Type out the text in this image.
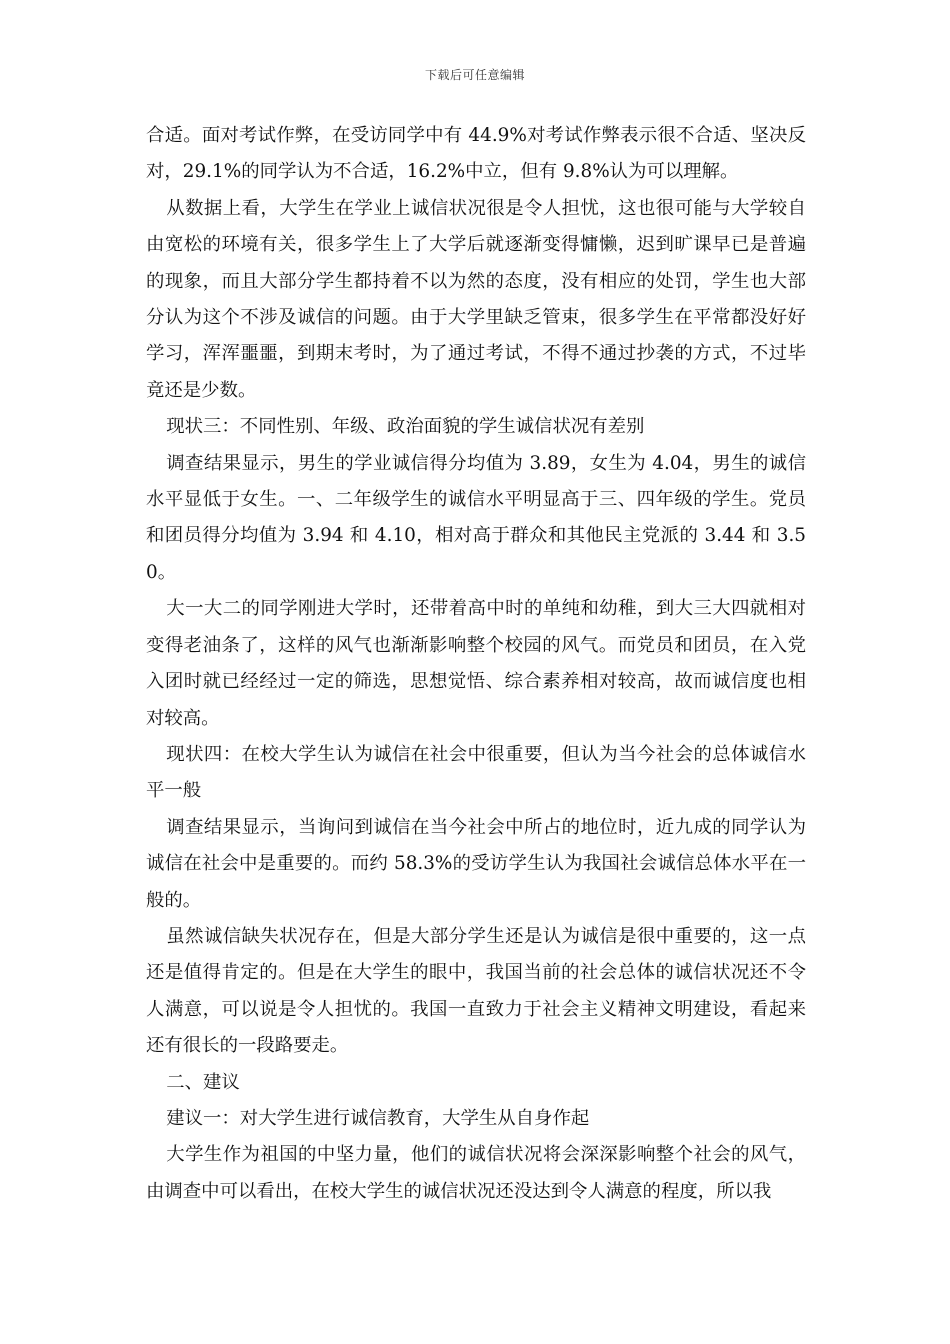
下载后可任意编辑

合适。面对考试作弊，在受访同学中有 44.9%对考试作弊表示很不合适、坚决反对，29.1%的同学认为不合适，16.2%中立，但有 9.8%认为可以理解。

从数据上看，大学生在学业上诚信状况很是令人担忧，这也很可能与大学较自由宽松的环境有关，很多学生上了大学后就逐渐变得慵懒，迟到旷课早已是普遍的现象，而且大部分学生都持着不以为然的态度，没有相应的处罚，学生也大部分认为这个不涉及诚信的问题。由于大学里缺乏管束，很多学生在平常都没好好学习，浑浑噩噩，到期末考时，为了通过考试，不得不通过抄袭的方式，不过毕竟还是少数。

现状三：不同性别、年级、政治面貌的学生诚信状况有差别

调查结果显示，男生的学业诚信得分均值为 3.89，女生为 4.04，男生的诚信水平显低于女生。一、二年级学生的诚信水平明显高于三、四年级的学生。党员和团员得分均值为 3.94 和 4.10，相对高于群众和其他民主党派的 3.44 和 3.50。

大一大二的同学刚进大学时，还带着高中时的单纯和幼稚，到大三大四就相对变得老油条了，这样的风气也渐渐影响整个校园的风气。而党员和团员，在入党入团时就已经经过一定的筛选，思想觉悟、综合素养相对较高，故而诚信度也相对较高。

现状四：在校大学生认为诚信在社会中很重要，但认为当今社会的总体诚信水平一般

调查结果显示，当询问到诚信在当今社会中所占的地位时，近九成的同学认为诚信在社会中是重要的。而约 58.3%的受访学生认为我国社会诚信总体水平在一般的。

虽然诚信缺失状况存在，但是大部分学生还是认为诚信是很中重要的，这一点还是值得肯定的。但是在大学生的眼中，我国当前的社会总体的诚信状况还不令人满意，可以说是令人担忧的。我国一直致力于社会主义精神文明建设，看起来还有很长的一段路要走。

二、建议

建议一：对大学生进行诚信教育，大学生从自身作起

大学生作为祖国的中坚力量，他们的诚信状况将会深深影响整个社会的风气，由调查中可以看出，在校大学生的诚信状况还没达到令人满意的程度，所以我
